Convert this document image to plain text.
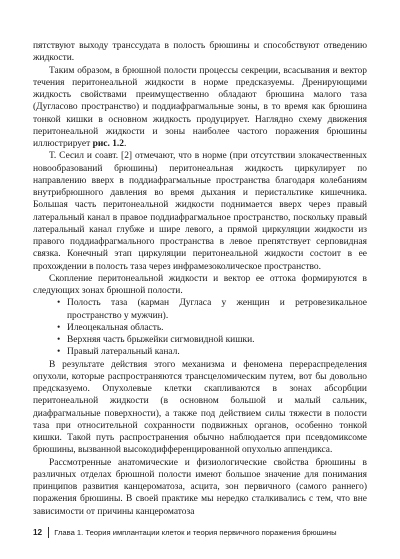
пятствуют выходу транссудата в полость брюшины и способствуют отведению жидкости.

Таким образом, в брюшной полости процессы секреции, всасывания и вектор течения перитонеальной жидкости в норме предсказуемы. Дренирующими жидкость свойствами преимущественно обладают брюшина малого таза (Дугласово пространство) и поддиафрагмальные зоны, в то время как брюшина тонкой кишки в основном жидкость продуцирует. Наглядно схему движения перитонеальной жидкости и зоны наиболее частого поражения брюшины иллюстрирует рис. 1.2.

Т. Сесил и соавт. [2] отмечают, что в норме (при отсутствии злокачественных новообразований брюшины) перитонеальная жидкость циркулирует по направлению вверх в поддиафрагмальные пространства благодаря колебаниям внутрибрюшного давления во время дыхания и перистальтике кишечника. Большая часть перитонеальной жидкости поднимается вверх через правый латеральный канал в правое поддиафрагмальное пространство, поскольку правый латеральный канал глубже и шире левого, а прямой циркуляции жидкости из правого поддиафрагмального пространства в левое препятствует серповидная связка. Конечный этап циркуляции перитонеальной жидкости состоит в ее прохождении в полость таза через инфрамезоколическое пространство.

Скопление перитонеальной жидкости и вектор ее оттока формируются в следующих зонах брюшной полости.

• Полость таза (карман Дугласа у женщин и ретровезикальное пространство у мужчин).
• Илеоцекальная область.
• Верхняя часть брыжейки сигмовидной кишки.
• Правый латеральный канал.

В результате действия этого механизма и феномена перераспределения опухоли, которые распространяются трансцеломическим путем, вот бы довольно предсказуемо. Опухолевые клетки скапливаются в зонах абсорбции перитонеальной жидкости (в основном большой и малый сальник, диафрагмальные поверхности), а также под действием силы тяжести в полости таза при относительной сохранности подвижных органов, особенно тонкой кишки. Такой путь распространения обычно наблюдается при псевдомиксоме брюшины, вызванной высокодифференцированной опухолью аппендикса.

Рассмотренные анатомические и физиологические свойства брюшины в различных отделах брюшной полости имеют большое значение для понимания принципов развития канцероматоза, асцита, зон первичного (самого раннего) поражения брюшины. В своей практике мы нередко сталкивались с тем, что вне зависимости от причины канцероматоза

12 Глава 1. Теория имплантации клеток и теория первичного поражения брюшины
